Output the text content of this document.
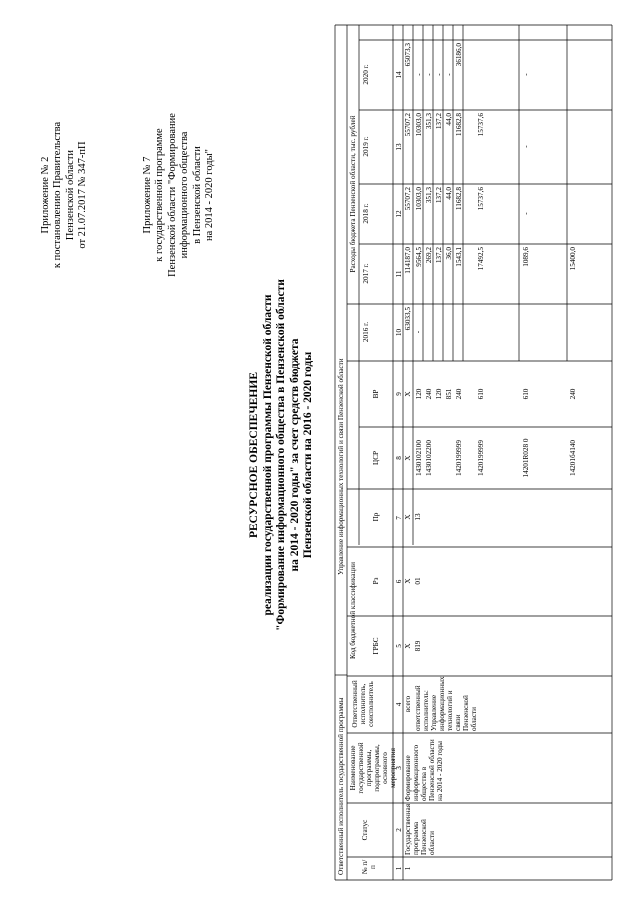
Приложение № 2 к постановлению Правительства Пензенской области от 21.07.2017 № 347-пП	Приложение № 7 к государственной программе Пензенской области "Формирование информационного общества в Пензенской области на 2014 - 2020 годы"
РЕСУРСНОЕ ОБЕСПЕЧЕНИЕ реализации государственной программы Пензенской области "Формирование информационного общества в Пензенской области на 2014 - 2020 годы" за счет средств бюджета Пензенской области на 2016 - 2020 годы
Ответственный исполнитель государственной программы
Управление информационных технологий и связи Пензенской области
№ п/п
Статус
Наименование государственной программы, подпрограммы, основного мероприятия
Ответственный исполнитель, соисполнитель
Код бюджетной классификации ГРБС
Рз
Пр
ЦСР
ВР
Расходы бюджета Пензенской области, тыс. рублей
2016 г.
2017 г.
2018 г.
2019 г.
2020 г.
1
2
3
4
5
6
7
8
9
10
11
12
13
14
1
Государственная программа Пензенской области
Формирование информационного общества в Пензенской области на 2014 - 2020 годы
всего ответственный исполнитель: Управление информационных технологий и связи Пензенской области
Х
Х
Х
Х
Х
63033,5
114187,0
55707,2
55707,2
65073,3
819
01
13
-
1430102100
120
9564,5
10303,0
10303,0
-
1430102200
240
269,2
351,3
351,3
-
120
137,2
137,2
137,2
-
851
36,0
44,0
44,0
-
1420199999
240
1543,1
11682,8
11682,8
36186,0
1420199999
610
17492,5
15737,6
15737,6
14201R028 0
610
1089,6
-
-
-
14201б4140
240
15400,0
